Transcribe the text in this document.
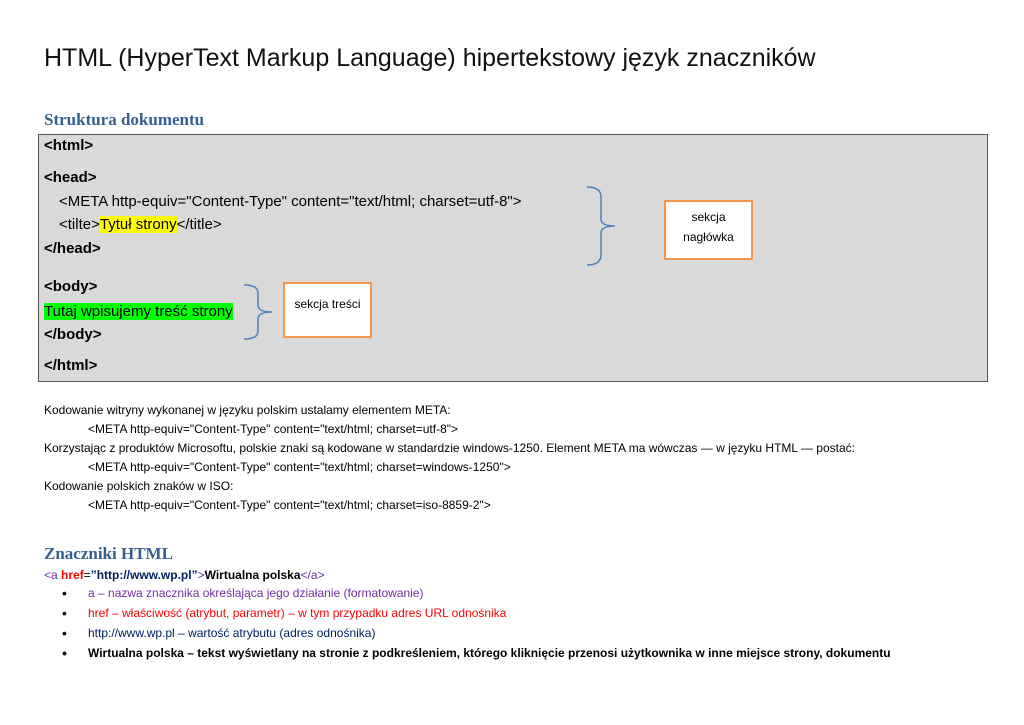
HTML (HyperText Markup Language) hipertekstowy język znaczników
Struktura dokumentu
<html>
<head>
<META http-equiv="Content-Type" content="text/html; charset=utf-8">
<tilte>Tytuł strony</title>
</head>
<body>
Tutaj wpisujemy treść strony
</body>
</html>
sekcja
nagłówka
sekcja treści
Kodowanie witryny wykonanej w języku polskim ustalamy elementem META:
<META http-equiv="Content-Type" content="text/html; charset=utf-8">
Korzystając z produktów Microsoftu, polskie znaki są kodowane w standardzie windows-1250. Element META ma wówczas — w języku HTML — postać:
<META http-equiv="Content-Type" content="text/html; charset=windows-1250">
Kodowanie polskich znaków w ISO:
<META http-equiv="Content-Type" content="text/html; charset=iso-8859-2">
Znaczniki HTML
<a href=”http://www.wp.pl”>Wirtualna polska</a>
• a – nazwa znacznika określająca jego działanie (formatowanie)
• href – właściwość (atrybut, parametr) – w tym przypadku adres URL odnośnika
• http://www.wp.pl – wartość atrybutu (adres odnośnika)
• Wirtualna polska – tekst wyświetlany na stronie z podkreśleniem, którego kliknięcie przenosi użytkownika w inne miejsce strony, dokumentu
